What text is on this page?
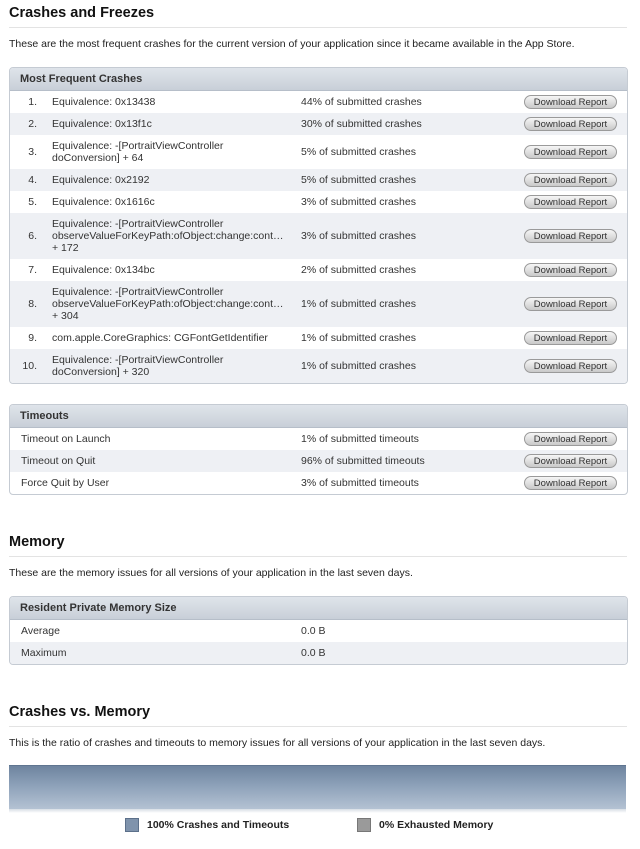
Crashes and Freezes

These are the most frequent crashes for the current version of your application since it became available in the App Store.

Most Frequent Crashes
1. Equivalence: 0x13438	44% of submitted crashes	Download Report
2. Equivalence: 0x13f1c	30% of submitted crashes	Download Report
3. Equivalence: -[PortraitViewController
doConversion] + 64	5% of submitted crashes	Download Report
4. Equivalence: 0x2192	5% of submitted crashes	Download Report
5. Equivalence: 0x1616c	3% of submitted crashes	Download Report
6.
Equivalence: -[PortraitViewController
observeValueForKeyPath:ofObject:change:cont…
+ 172
3% of submitted crashes	Download Report
7. Equivalence: 0x134bc	2% of submitted crashes	Download Report
8.
Equivalence: -[PortraitViewController
observeValueForKeyPath:ofObject:change:cont…
+ 304
1% of submitted crashes	Download Report
9. com.apple.CoreGraphics: CGFontGetIdentifier	1% of submitted crashes	Download Report
10. Equivalence: -[PortraitViewController
doConversion] + 320	1% of submitted crashes	Download Report
Timeouts
Timeout on Launch	1% of submitted timeouts	Download Report
Timeout on Quit	96% of submitted timeouts	Download Report
Force Quit by User	3% of submitted timeouts	Download Report
Memory

These are the memory issues for all versions of your application in the last seven days.

Resident Private Memory Size
Average	0.0 B
Maximum	0.0 B
Crashes vs. Memory

This is the ratio of crashes and timeouts to memory issues for all versions of your application in the last seven days.

100% Crashes and Timeouts	0% Exhausted Memory
